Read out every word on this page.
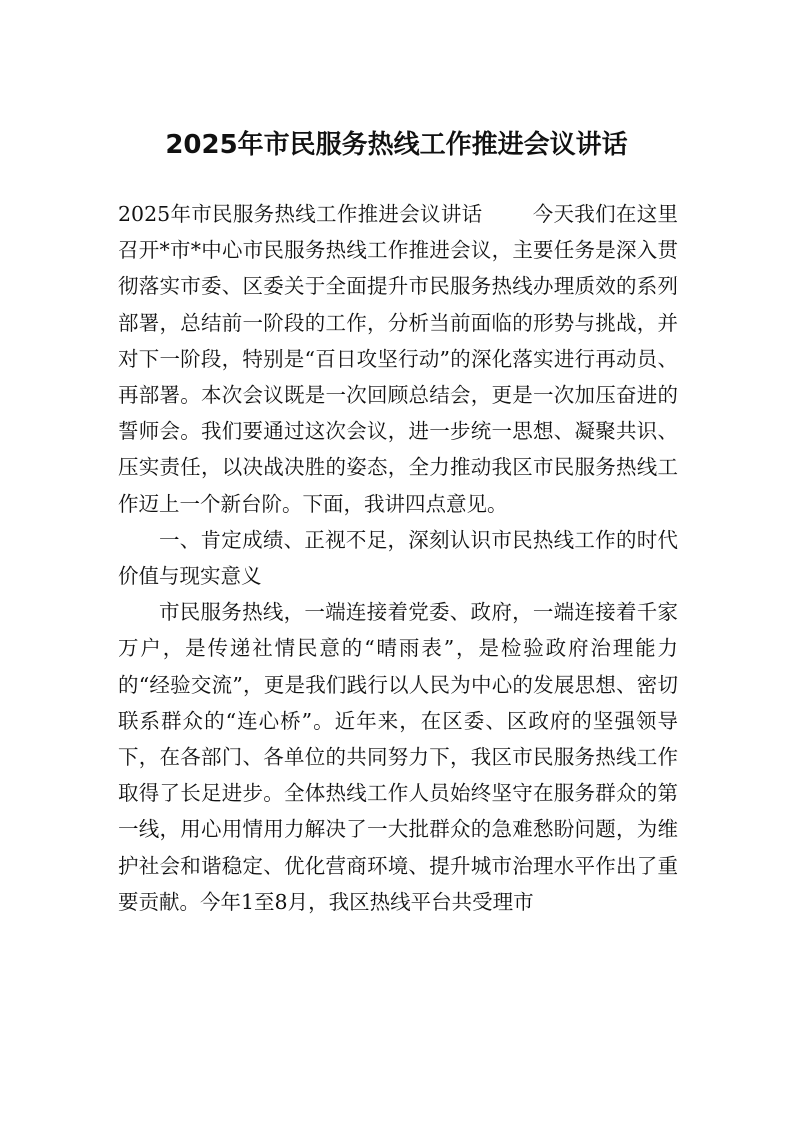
2025年市民服务热线工作推进会议讲话

2025年市民服务热线工作推进会议讲话 今天我们在这里召开*市*中心市民服务热线工作推进会议，主要任务是深入贯彻落实市委、区委关于全面提升市民服务热线办理质效的系列部署，总结前一阶段的工作，分析当前面临的形势与挑战，并对下一阶段，特别是“百日攻坚行动”的深化落实进行再动员、再部署。本次会议既是一次回顾总结会，更是一次加压奋进的誓师会。我们要通过这次会议，进一步统一思想、凝聚共识、压实责任，以决战决胜的姿态，全力推动我区市民服务热线工作迈上一个新台阶。下面，我讲四点意见。

一、肯定成绩、正视不足，深刻认识市民热线工作的时代价值与现实意义

市民服务热线，一端连接着党委、政府，一端连接着千家万户，是传递社情民意的“晴雨表”，是检验政府治理能力的“经验交流”，更是我们践行以人民为中心的发展思想、密切联系群众的“连心桥”。近年来，在区委、区政府的坚强领导下，在各部门、各单位的共同努力下，我区市民服务热线工作取得了长足进步。全体热线工作人员始终坚守在服务群众的第一线，用心用情用力解决了一大批群众的急难愁盼问题，为维护社会和谐稳定、优化营商环境、提升城市治理水平作出了重要贡献。今年1至8月，我区热线平台共受理市
